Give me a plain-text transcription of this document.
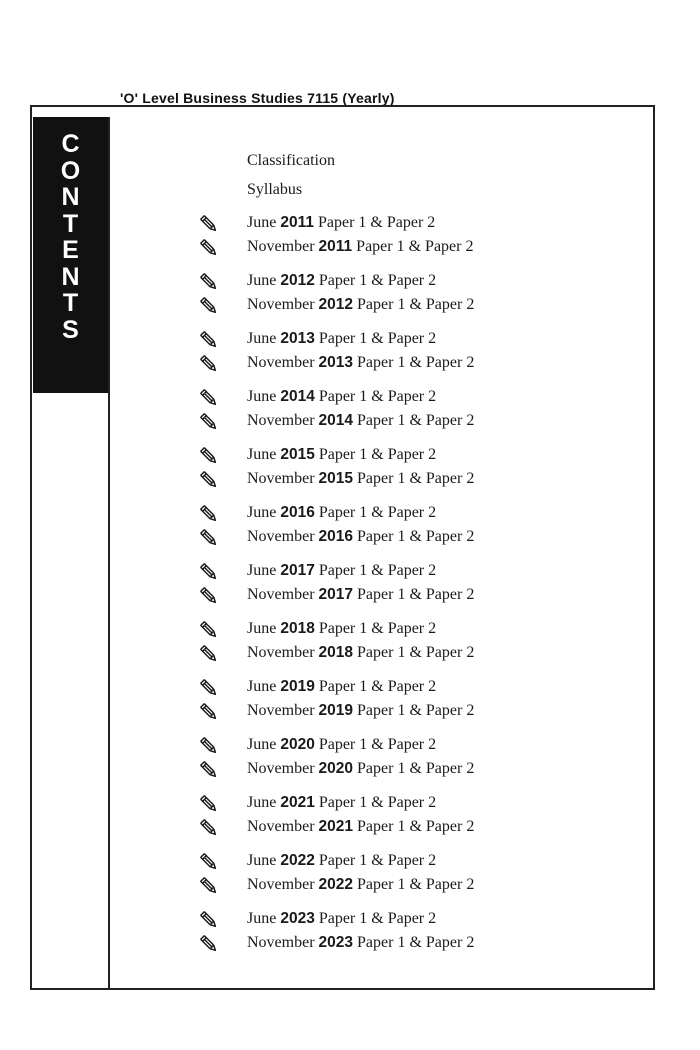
'O' Level Business Studies 7115 (Yearly)
C
O
N
T
E
N
T
S
Classification
Syllabus
June 2011 Paper 1 & Paper 2
November 2011 Paper 1 & Paper 2
June 2012 Paper 1 & Paper 2
November 2012 Paper 1 & Paper 2
June 2013 Paper 1 & Paper 2
November 2013 Paper 1 & Paper 2
June 2014 Paper 1 & Paper 2
November 2014 Paper 1 & Paper 2
June 2015 Paper 1 & Paper 2
November 2015 Paper 1 & Paper 2
June 2016 Paper 1 & Paper 2
November 2016 Paper 1 & Paper 2
June 2017 Paper 1 & Paper 2
November 2017 Paper 1 & Paper 2
June 2018 Paper 1 & Paper 2
November 2018 Paper 1 & Paper 2
June 2019 Paper 1 & Paper 2
November 2019 Paper 1 & Paper 2
June 2020 Paper 1 & Paper 2
November 2020 Paper 1 & Paper 2
June 2021 Paper 1 & Paper 2
November 2021 Paper 1 & Paper 2
June 2022 Paper 1 & Paper 2
November 2022 Paper 1 & Paper 2
June 2023 Paper 1 & Paper 2
November 2023 Paper 1 & Paper 2
